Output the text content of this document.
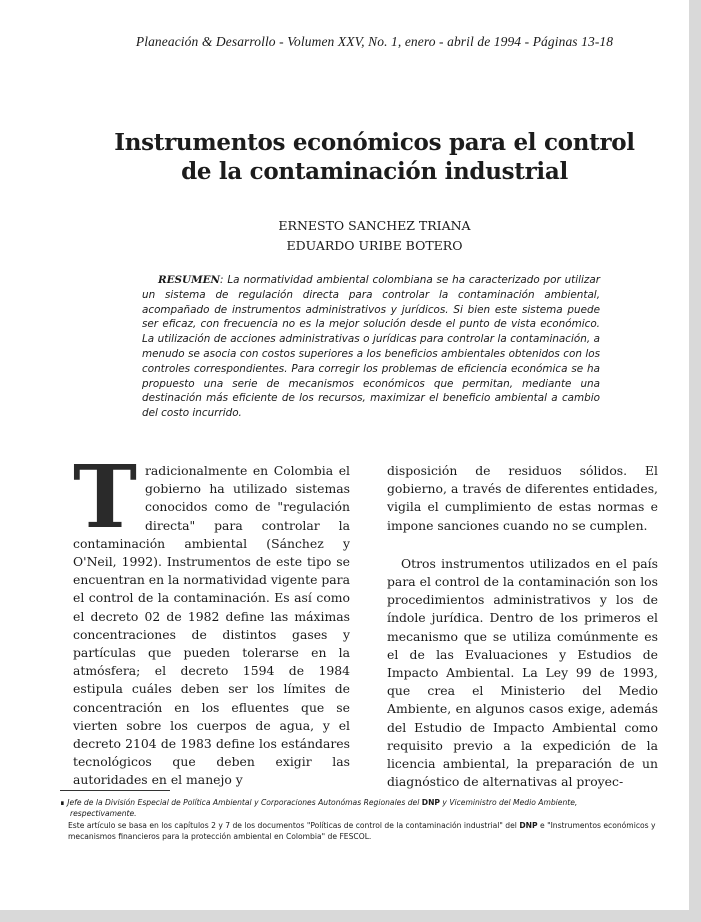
Planeación & Desarrollo - Volumen XXV, No. 1, enero - abril de 1994 - Páginas 13-18
Instrumentos económicos para el control
de la contaminación industrial
ERNESTO SANCHEZ TRIANA
EDUARDO URIBE BOTERO
RESUMEN: La normatividad ambiental colombiana se ha caracterizado por utilizar un sistema de regulación directa para controlar la contaminación ambiental, acompañado de instrumentos administrativos y jurídicos. Si bien este sistema puede ser eficaz, con frecuencia no es la mejor solución desde el punto de vista económico. La utilización de acciones administrativas o jurídicas para controlar la contaminación, a menudo se asocia con costos superiores a los beneficios ambientales obtenidos con los controles correspondientes. Para corregir los problemas de eficiencia económica se ha propuesto una serie de mecanismos económicos que permitan, mediante una destinación más eficiente de los recursos, maximizar el beneficio ambiental a cambio del costo incurrido.
Tradicionalmente en Colombia el gobierno ha utilizado sistemas conocidos como de "regulación directa" para controlar la contaminación ambiental (Sánchez y O'Neil, 1992). Instrumentos de este tipo se encuentran en la normatividad vigente para el control de la contaminación. Es así como el decreto 02 de 1982 define las máximas concentraciones de distintos gases y partículas que pueden tolerarse en la atmósfera; el decreto 1594 de 1984 estipula cuáles deben ser los límites de concentración en los efluentes que se vierten sobre los cuerpos de agua, y el decreto 2104 de 1983 define los estándares tecnológicos que deben exigir las autoridades en el manejo y
disposición de residuos sólidos. El gobierno, a través de diferentes entidades, vigila el cumplimiento de estas normas e impone sanciones cuando no se cumplen.
Otros instrumentos utilizados en el país para el control de la contaminación son los procedimientos administrativos y los de índole jurídica. Dentro de los primeros el mecanismo que se utiliza comúnmente es el de las Evaluaciones y Estudios de Impacto Ambiental. La Ley 99 de 1993, que crea el Ministerio del Medio Ambiente, en algunos casos exige, además del Estudio de Impacto Ambiental como requisito previo a la expedición de la licencia ambiental, la preparación de un diagnóstico de alternativas al proyec-
∎ Jefe de la División Especial de Política Ambiental y Corporaciones Autonómas Regionales del DNP y Viceministro del Medio Ambiente,
respectivamente.
Este artículo se basa en los capítulos 2 y 7 de los documentos "Políticas de control de la contaminación industrial" del DNP e "Instrumentos económicos y mecanismos financieros para la protección ambiental en Colombia" de FESCOL.
